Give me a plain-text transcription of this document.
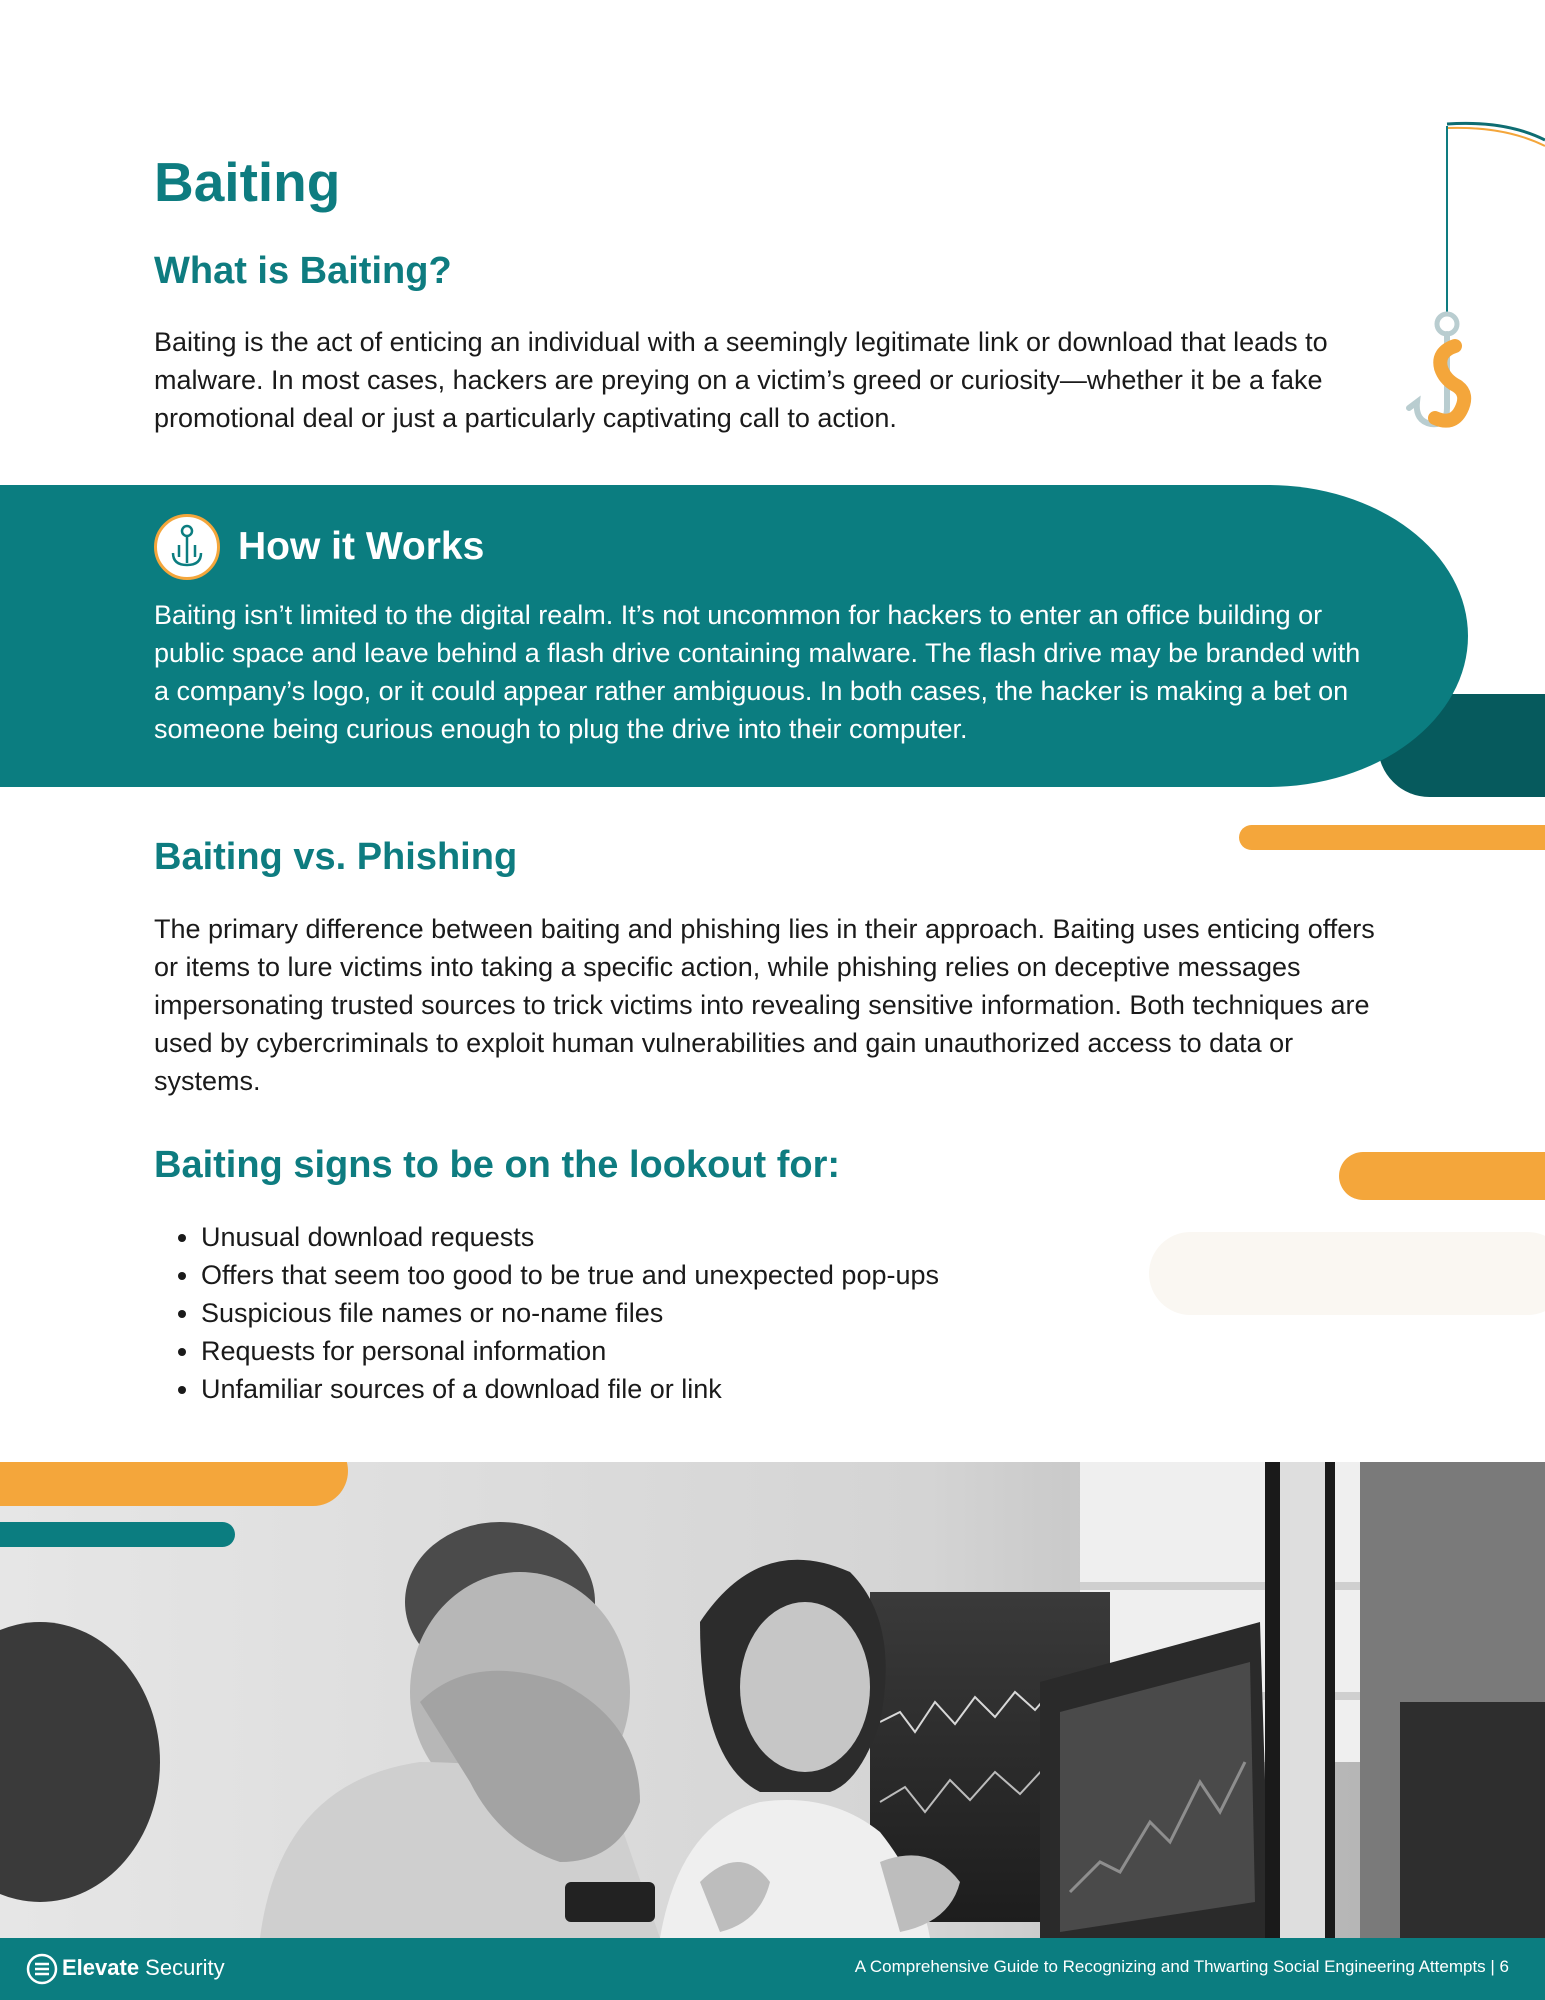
Baiting
What is Baiting?

Baiting is the act of enticing an individual with a seemingly legitimate link or download that leads to malware. In most cases, hackers are preying on a victim’s greed or curiosity—whether it be a fake promotional deal or just a particularly captivating call to action.

How it Works

Baiting isn’t limited to the digital realm. It’s not uncommon for hackers to enter an office building or public space and leave behind a flash drive containing malware. The flash drive may be branded with a company’s logo, or it could appear rather ambiguous. In both cases, the hacker is making a bet on someone being curious enough to plug the drive into their computer.

Baiting vs. Phishing

The primary difference between baiting and phishing lies in their approach. Baiting uses enticing offers or items to lure victims into taking a specific action, while phishing relies on deceptive messages impersonating trusted sources to trick victims into revealing sensitive information. Both techniques are used by cybercriminals to exploit human vulnerabilities and gain unauthorized access to data or systems.

Baiting signs to be on the lookout for:
• Unusual download requests
• Offers that seem too good to be true and unexpected pop-ups
• Suspicious file names or no-name files
• Requests for personal information
• Unfamiliar sources of a download file or link
Elevate Security	A Comprehensive Guide to Recognizing and Thwarting Social Engineering Attempts | 6
